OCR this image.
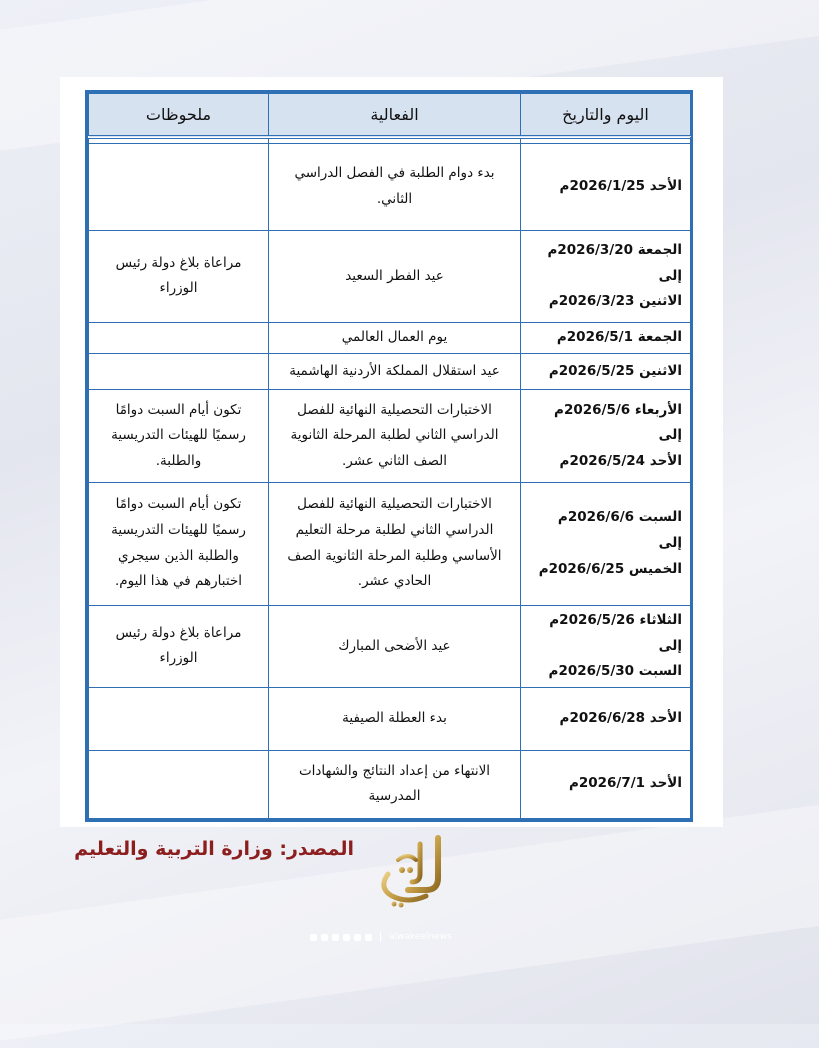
اليوم والتاريخ	الفعالية	ملحوظات

الأحد 2026/1/25م	بدء دوام الطلبة في الفصل الدراسي الثاني.	

الجمعة 2026/3/20م
إلى
الاثنين 2026/3/23م	عيد الفطر السعيد	مراعاة بلاغ دولة رئيس الوزراء
الجمعة 2026/5/1م	يوم العمال العالمي	
الاثنين 2026/5/25م	عيد استقلال المملكة الأردنية الهاشمية	

الأربعاء 2026/5/6م
إلى
الأحد 2026/5/24م	الاختبارات التحصيلية النهائية للفصل الدراسي الثاني لطلبة المرحلة الثانوية الصف الثاني عشر.	تكون أيام السبت دوامًا رسميًا للهيئات التدريسية والطلبة.

السبت 2026/6/6م
إلى
الخميس 2026/6/25م	الاختبارات التحصيلية النهائية للفصل الدراسي الثاني لطلبة مرحلة التعليم الأساسي وطلبة المرحلة الثانوية الصف الحادي عشر.	تكون أيام السبت دوامًا رسميًا للهيئات التدريسية والطلبة الذين سيجري اختبارهم في هذا اليوم.

الثلاثاء 2026/5/26م إلى
السبت 2026/5/30م	عيد الأضحى المبارك	مراعاة بلاغ دولة رئيس الوزراء
الأحد 2026/6/28م	بدء العطلة الصيفية	
الأحد 2026/7/1م	الانتهاء من إعداد النتائج والشهادات المدرسية	
المصدر: وزارة التربية والتعليم
alwakeelnews
